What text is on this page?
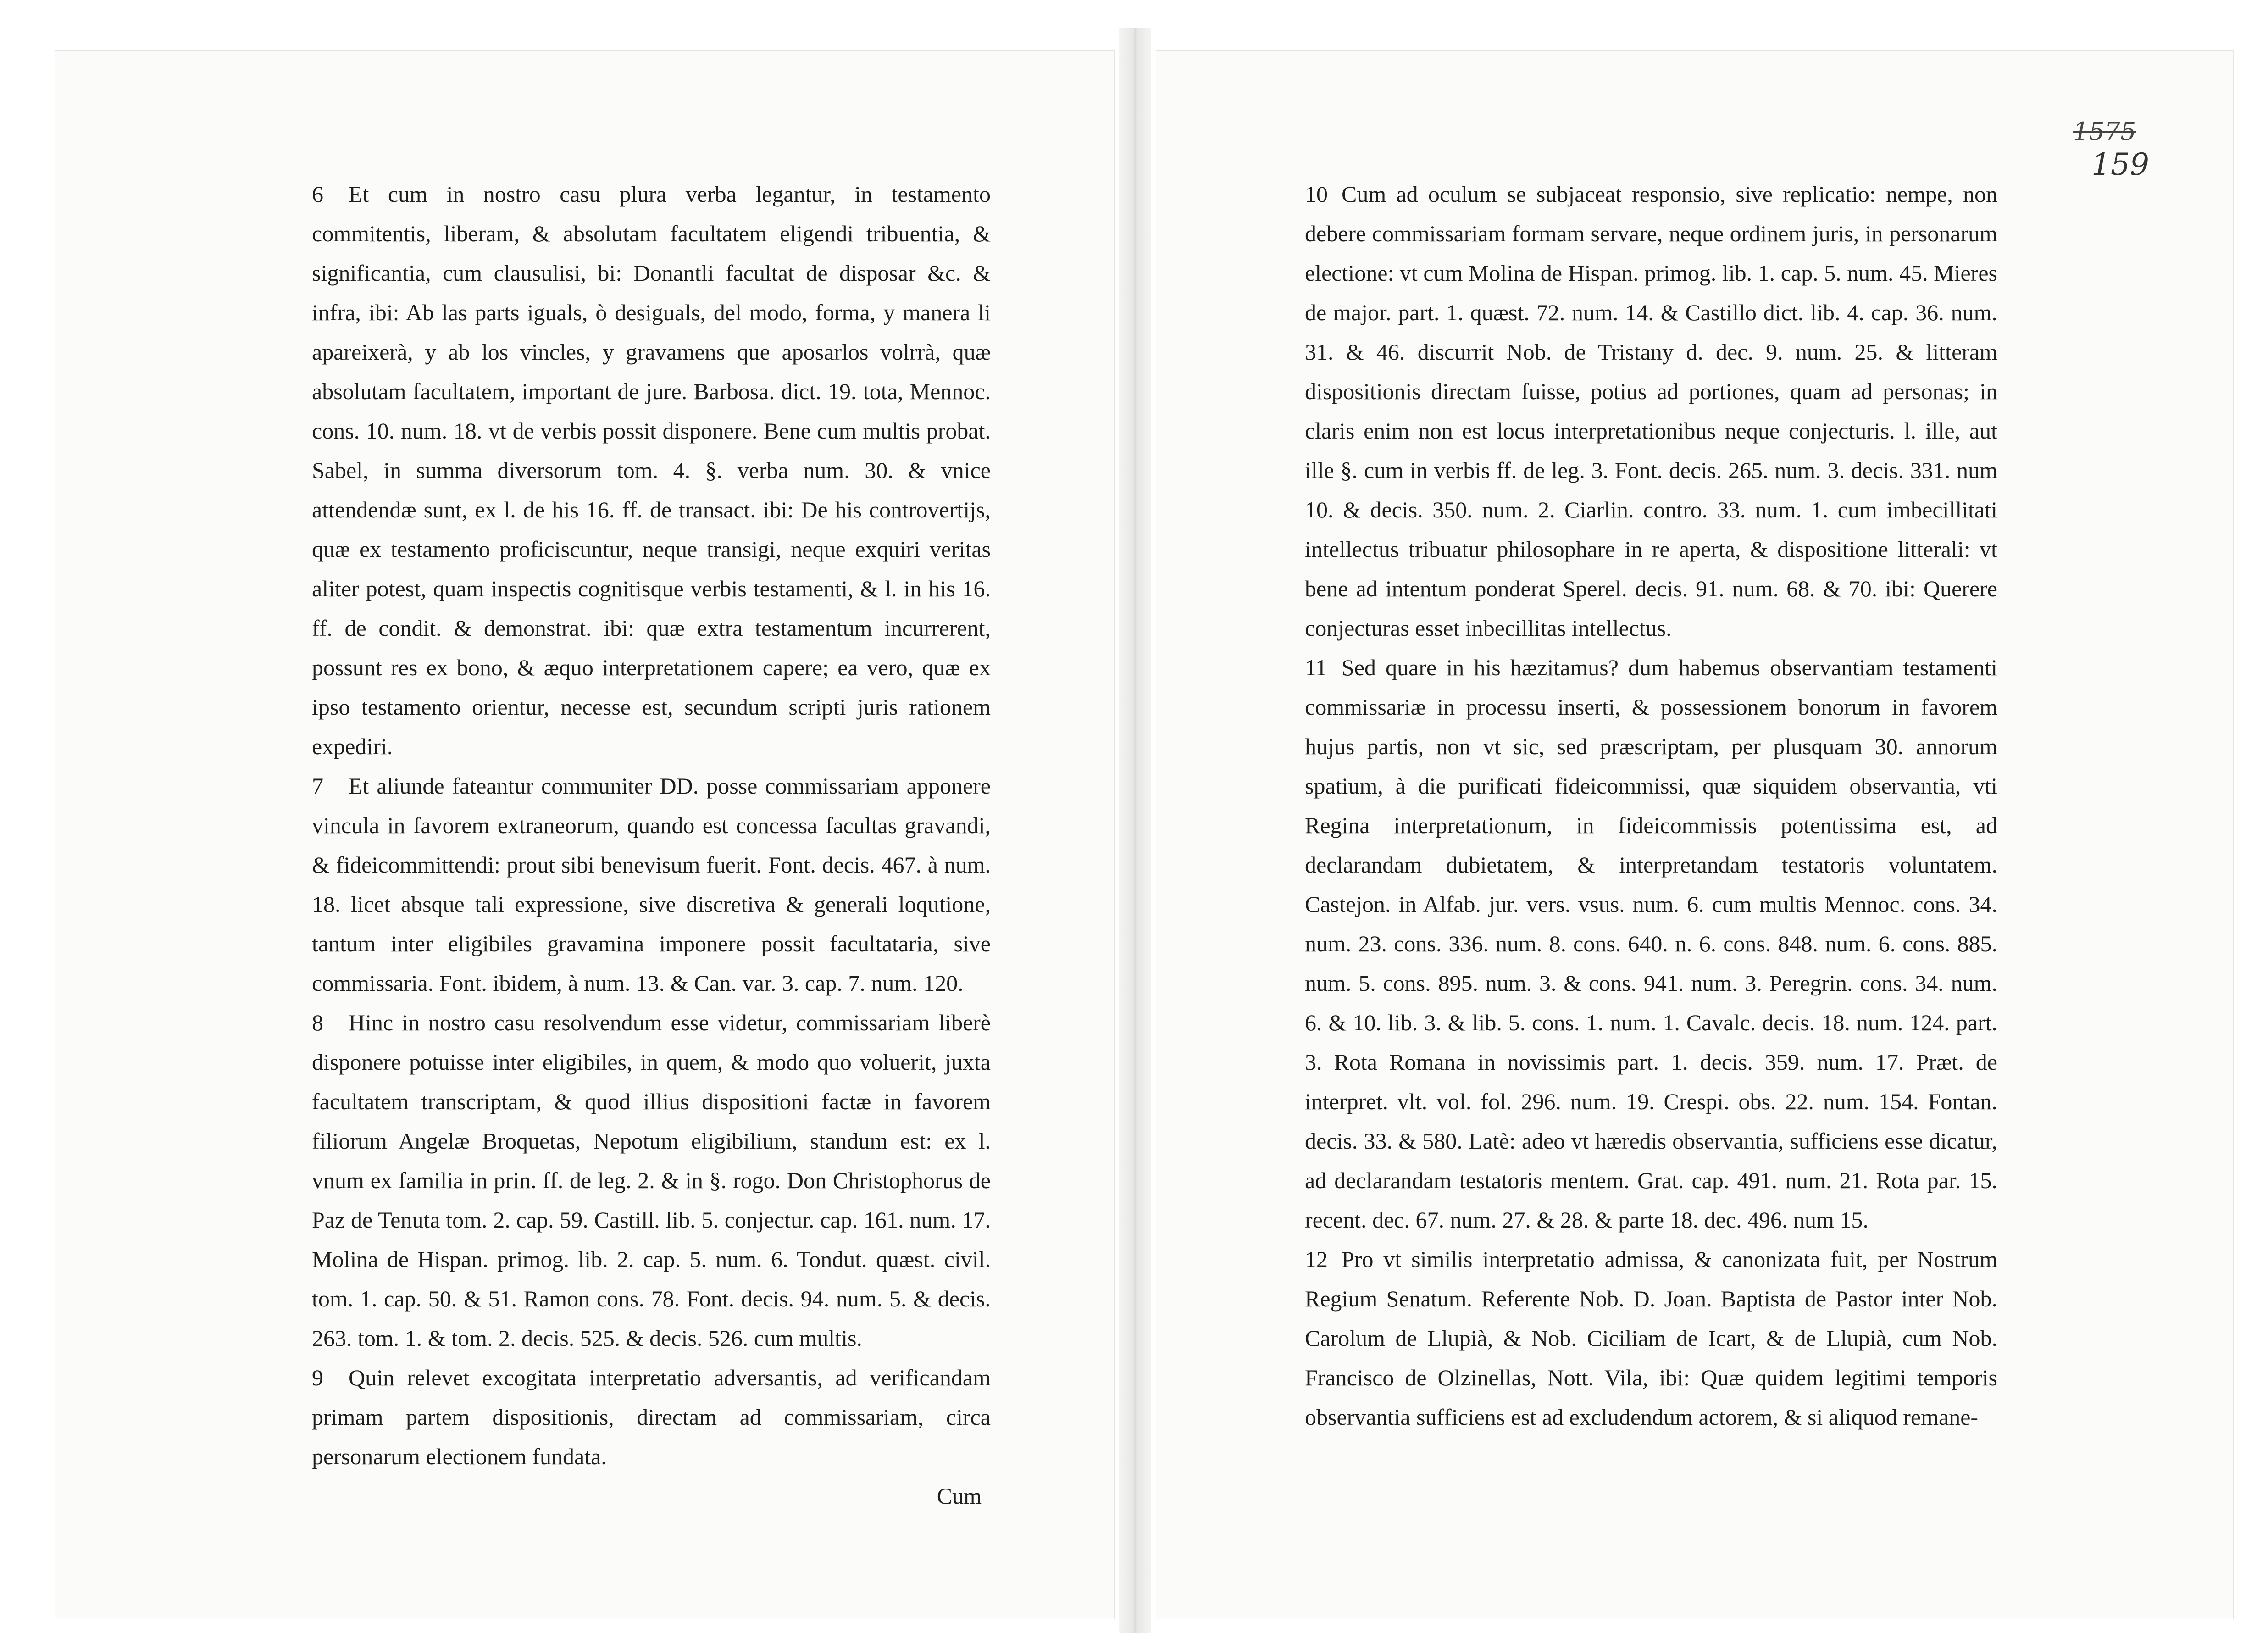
1575
159

6 Et cum in nostro casu plura verba legantur, in testamento commitentis, liberam, & absolutam facultatem eligendi tribuentia, & significantia, cum clausulisi, bi: Donantli facultat de disposar &c. & infra, ibi: Ab las parts iguals, ò desiguals, del modo, forma, y manera li apareixerà, y ab los vincles, y gravamens que aposarlos volrrà, quæ absolutam facultatem, important de jure. Barbosa. dict. 19. tota, Mennoc. cons. 10. num. 18. vt de verbis possit disponere. Bene cum multis probat. Sabel, in summa diversorum tom. 4. §. verba num. 30. & vnice attendendæ sunt, ex l. de his 16. ff. de transact. ibi: De his controvertijs, quæ ex testamento proficiscuntur, neque transigi, neque exquiri veritas aliter potest, quam inspectis cognitisque verbis testamenti, & l. in his 16. ff. de condit. & demonstrat. ibi: quæ extra testamentum incurrerent, possunt res ex bono, & æquo interpretationem capere; ea vero, quæ ex ipso testamento orientur, necesse est, secundum scripti juris rationem expediri.

7 Et aliunde fateantur communiter DD. posse commissariam apponere vincula in favorem extraneorum, quando est concessa facultas gravandi, & fideicommittendi: prout sibi benevisum fuerit. Font. decis. 467. à num. 18. licet absque tali expressione, sive discretiva & generali loqutione, tantum inter eligibiles gravamina imponere possit facultataria, sive commissaria. Font. ibidem, à num. 13. & Can. var. 3. cap. 7. num. 120.

8 Hinc in nostro casu resolvendum esse videtur, commissariam liberè disponere potuisse inter eligibiles, in quem, & modo quo voluerit, juxta facultatem transcriptam, & quod illius dispositioni factæ in favorem filiorum Angelæ Broquetas, Nepotum eligibilium, standum est: ex l. vnum ex familia in prin. ff. de leg. 2. & in §. rogo. Don Christophorus de Paz de Tenuta tom. 2. cap. 59. Castill. lib. 5. conjectur. cap. 161. num. 17. Molina de Hispan. primog. lib. 2. cap. 5. num. 6. Tondut. quæst. civil. tom. 1. cap. 50. & 51. Ramon cons. 78. Font. decis. 94. num. 5. & decis. 263. tom. 1. & tom. 2. decis. 525. & decis. 526. cum multis.

9 Quin relevet excogitata interpretatio adversantis, ad verificandam primam partem dispositionis, directam ad commissariam, circa personarum electionem fundata.

Cum

10 Cum ad oculum se subjaceat responsio, sive replicatio: nempe, non debere commissariam formam servare, neque ordinem juris, in personarum electione: vt cum Molina de Hispan. primog. lib. 1. cap. 5. num. 45. Mieres de major. part. 1. quæst. 72. num. 14. & Castillo dict. lib. 4. cap. 36. num. 31. & 46. discurrit Nob. de Tristany d. dec. 9. num. 25. & litteram dispositionis directam fuisse, potius ad portiones, quam ad personas; in claris enim non est locus interpretationibus neque conjecturis. l. ille, aut ille §. cum in verbis ff. de leg. 3. Font. decis. 265. num. 3. decis. 331. num 10. & decis. 350. num. 2. Ciarlin. contro. 33. num. 1. cum imbecillitati intellectus tribuatur philosophare in re aperta, & dispositione litterali: vt bene ad intentum ponderat Sperel. decis. 91. num. 68. & 70. ibi: Querere conjecturas esset inbecillitas intellectus.

11 Sed quare in his hæzitamus? dum habemus observantiam testamenti commissariæ in processu inserti, & possessionem bonorum in favorem hujus partis, non vt sic, sed præscriptam, per plusquam 30. annorum spatium, à die purificati fideicommissi, quæ siquidem observantia, vti Regina interpretationum, in fideicommissis potentissima est, ad declarandam dubietatem, & interpretandam testatoris voluntatem. Castejon. in Alfab. jur. vers. vsus. num. 6. cum multis Mennoc. cons. 34. num. 23. cons. 336. num. 8. cons. 640. n. 6. cons. 848. num. 6. cons. 885. num. 5. cons. 895. num. 3. & cons. 941. num. 3. Peregrin. cons. 34. num. 6. & 10. lib. 3. & lib. 5. cons. 1. num. 1. Cavalc. decis. 18. num. 124. part. 3. Rota Romana in novissimis part. 1. decis. 359. num. 17. Præt. de interpret. vlt. vol. fol. 296. num. 19. Crespi. obs. 22. num. 154. Fontan. decis. 33. & 580. Latè: adeo vt hæredis observantia, sufficiens esse dicatur, ad declarandam testatoris mentem. Grat. cap. 491. num. 21. Rota par. 15. recent. dec. 67. num. 27. & 28. & parte 18. dec. 496. num 15.

12 Pro vt similis interpretatio admissa, & canonizata fuit, per Nostrum Regium Senatum. Referente Nob. D. Joan. Baptista de Pastor inter Nob. Carolum de Llupià, & Nob. Ciciliam de Icart, & de Llupià, cum Nob. Francisco de Olzinellas, Nott. Vila, ibi: Quæ quidem legitimi temporis observantia sufficiens est ad excludendum actorem, & si aliquod remane-
